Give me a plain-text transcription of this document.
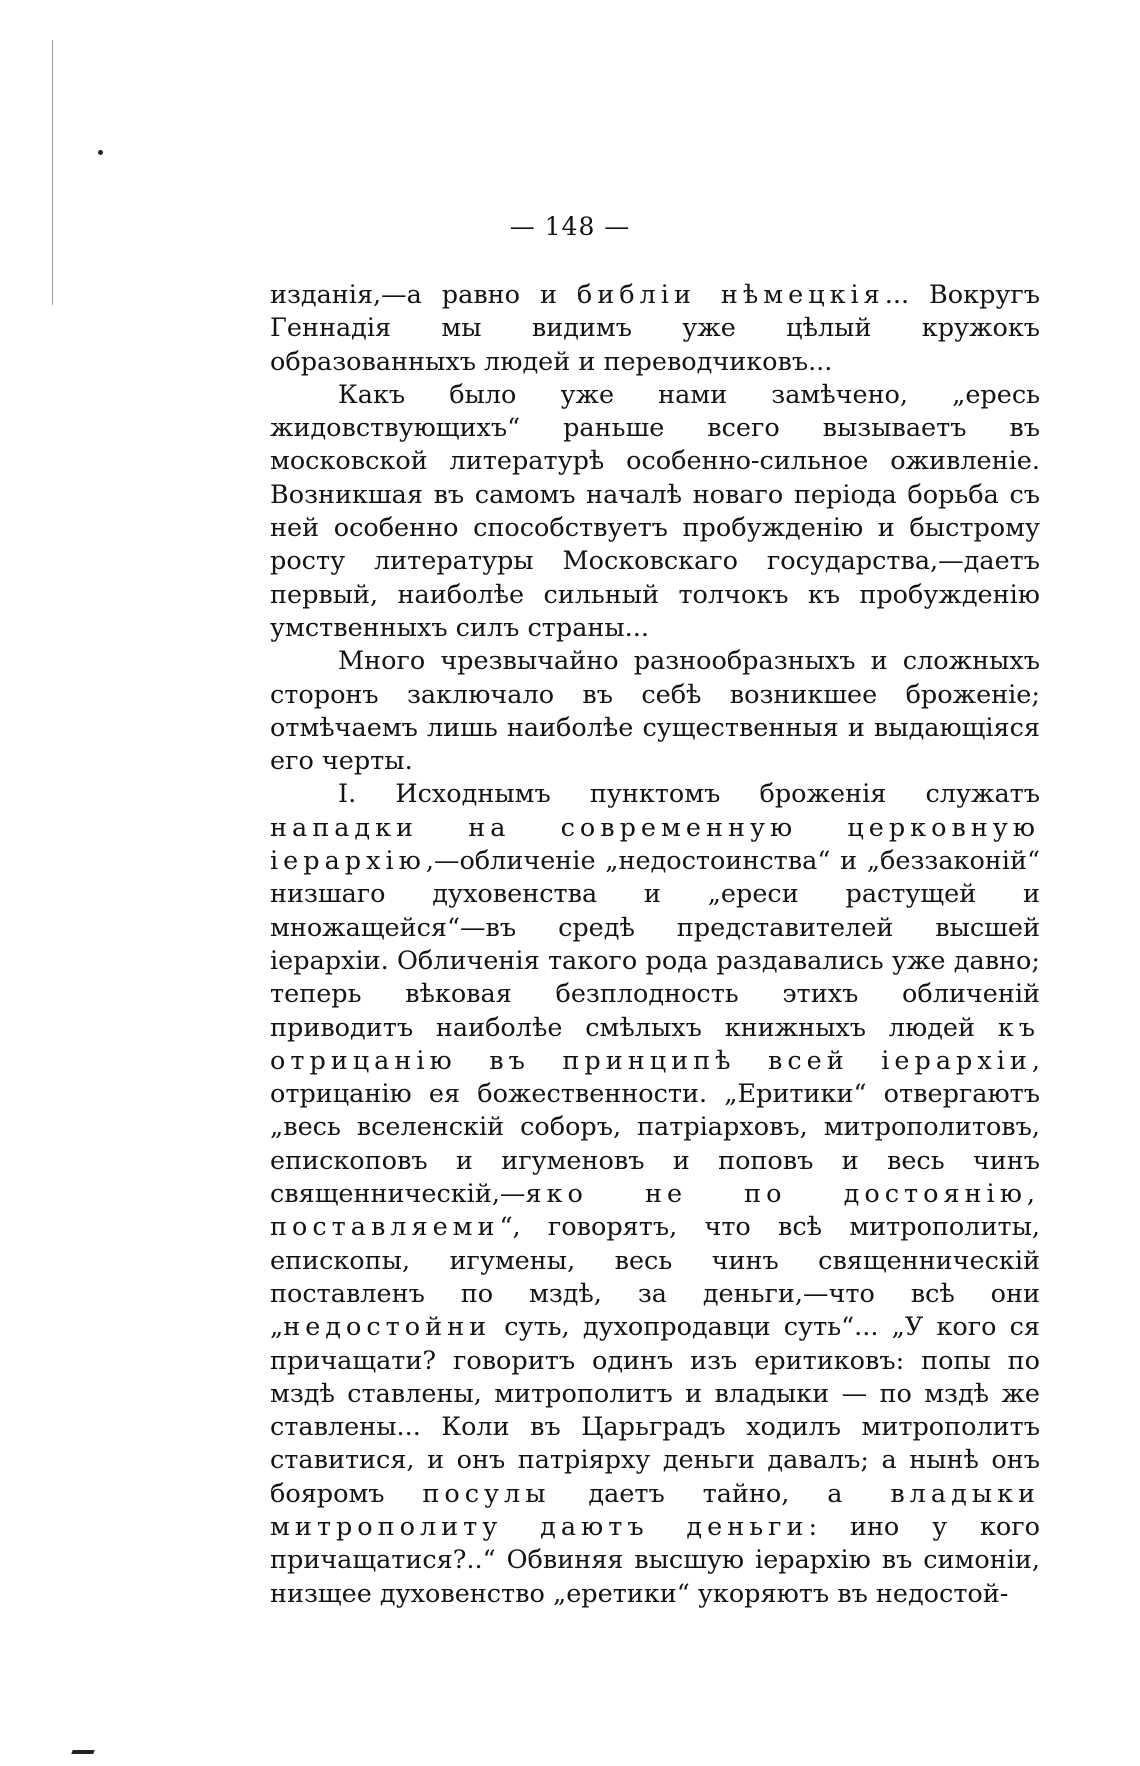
— 148 —

изданія,—а равно и библіи нѣмецкія... Вокругъ Геннадія мы видимъ уже цѣлый кружокъ образованныхъ людей и переводчиковъ...

Какъ было уже нами замѣчено, „ересь жидовствующихъ“ раньше всего вызываетъ въ московской литературѣ особенно-сильное оживленіе. Возникшая въ самомъ началѣ новаго періода борьба съ ней особенно способствуетъ пробужденію и быстрому росту литературы Московскаго государства,—даетъ первый, наиболѣе сильный толчокъ къ пробужденію умственныхъ силъ страны...

Много чрезвычайно разнообразныхъ и сложныхъ сторонъ заключало въ себѣ возникшее броженіе; отмѣчаемъ лишь наиболѣе существенныя и выдающіяся его черты.

I. Исходнымъ пунктомъ броженія служатъ нападки на современную церковную іерархію,—обличеніе „недостоинства“ и „беззаконій“ низшаго духовенства и „ереси растущей и множащейся“—въ средѣ представителей высшей іерархіи. Обличенія такого рода раздавались уже давно; теперь вѣковая безплодность этихъ обличеній приводитъ наиболѣе смѣлыхъ книжныхъ людей къ отрицанію въ принципѣ всей іерархіи, отрицанію ея божественности. „Еритики“ отвергаютъ „весь вселенскій соборъ, патріарховъ, митрополитовъ, епископовъ и игуменовъ и поповъ и весь чинъ священническій,—яко не по достоянію, поставляеми“, говорятъ, что всѣ митрополиты, епископы, игумены, весь чинъ священническій поставленъ по мздѣ, за деньги,—что всѣ они „недостойни суть, духопродавци суть“... „У кого ся причащати? говоритъ одинъ изъ еритиковъ: попы по мздѣ ставлены, митрополитъ и владыки — по мздѣ же ставлены... Коли въ Царьградъ ходилъ митрополитъ ставитися, и онъ патріярху деньги давалъ; а нынѣ онъ бояромъ посулы даетъ тайно, а владыки митрополиту даютъ деньги: ино у кого причащатися?..“ Обвиняя высшую іерархію въ симоніи, низщее духовенство „еретики“ укоряютъ въ недостой-
